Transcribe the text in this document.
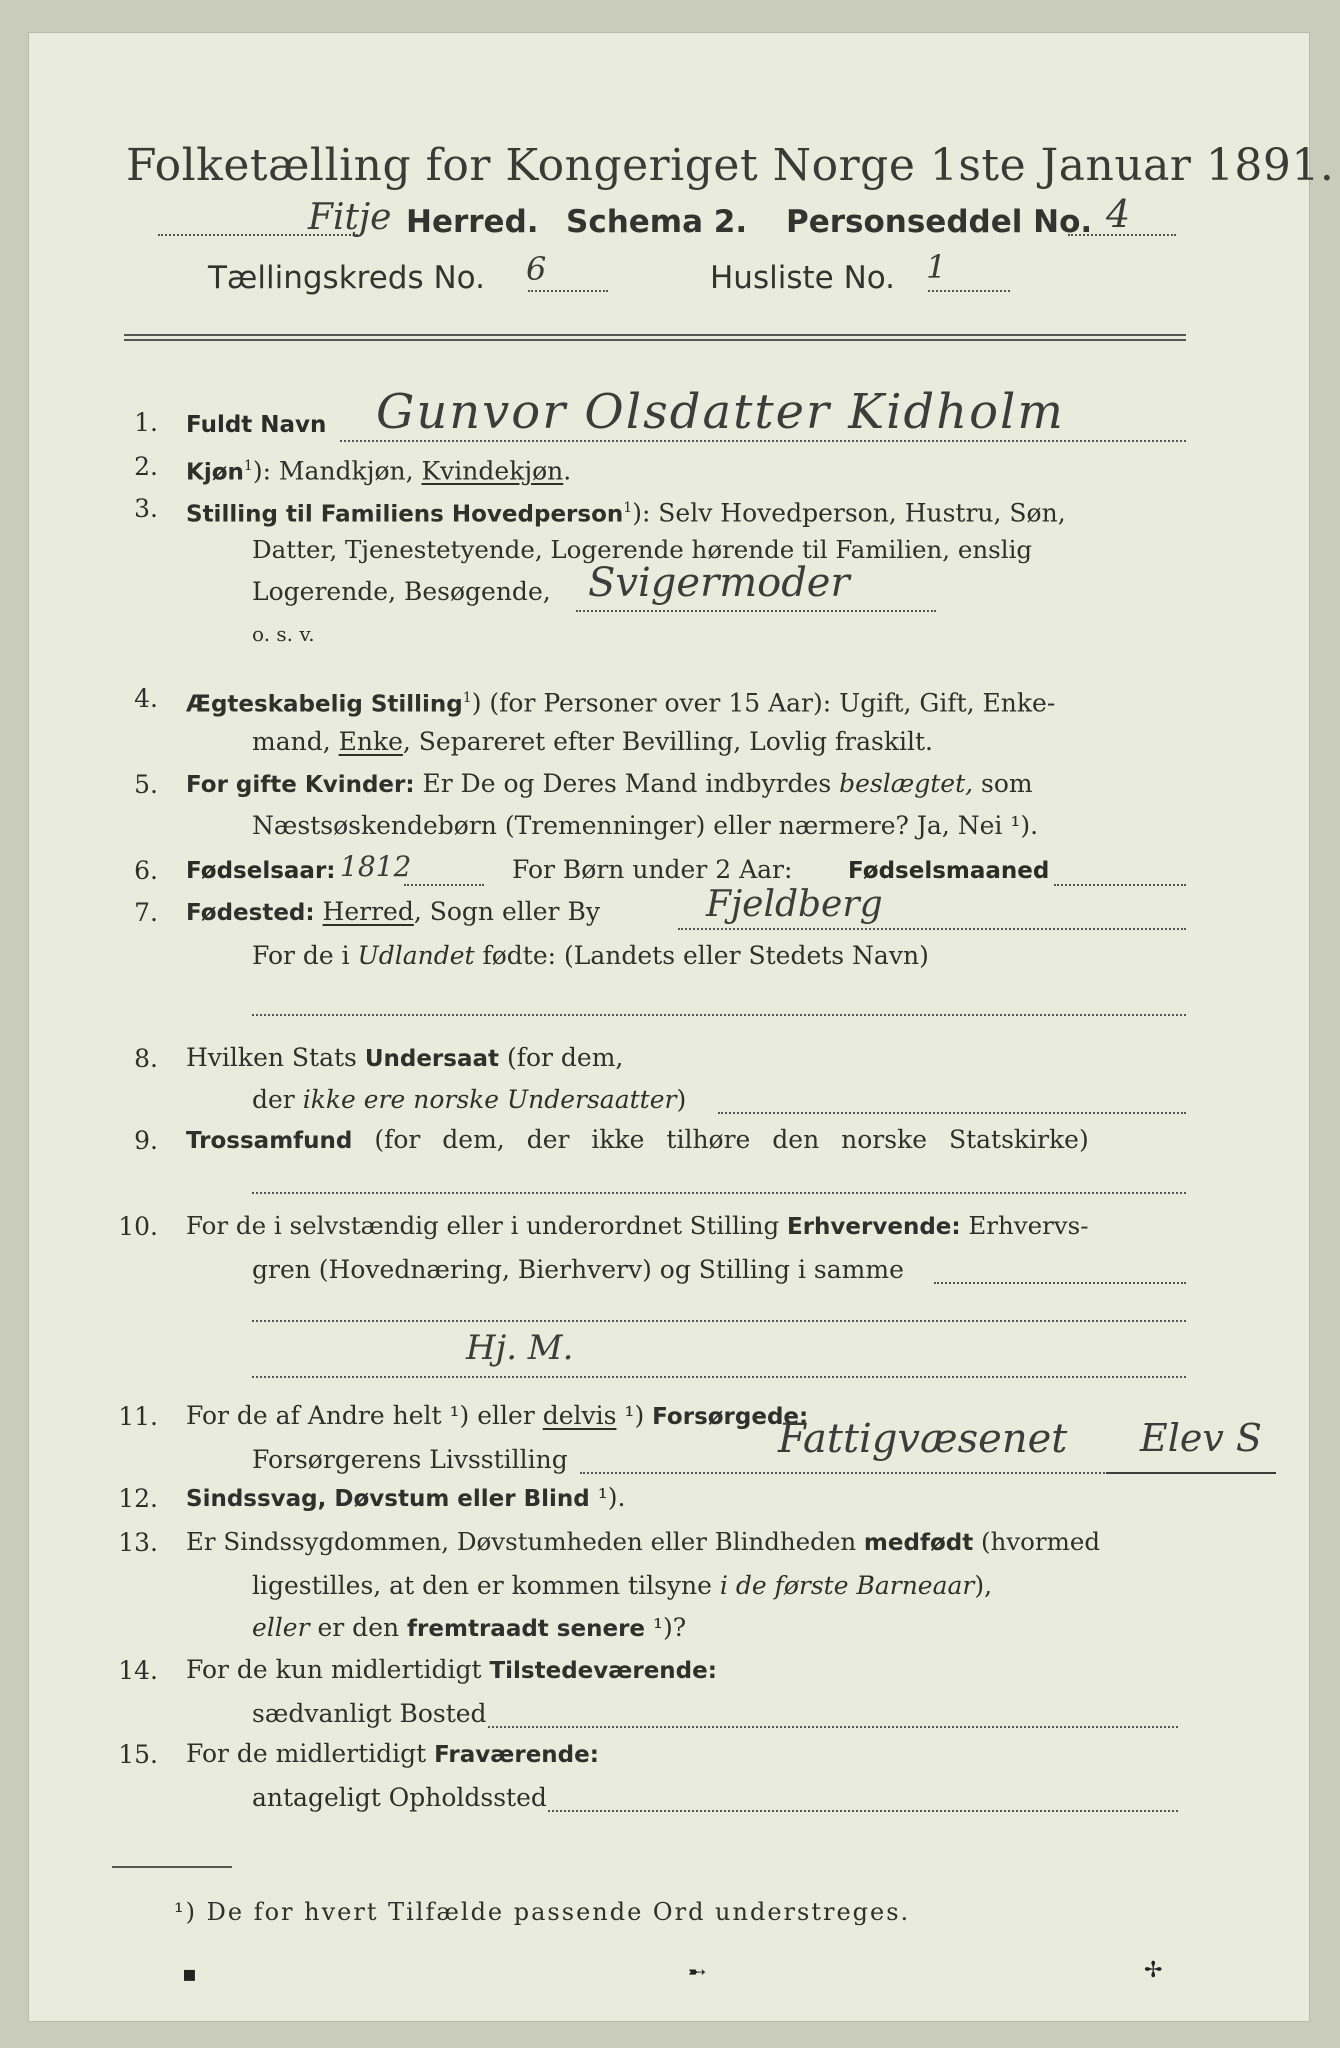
Folketælling for Kongeriget Norge 1ste Januar 1891.
Fitje Herred. Schema 2. Personseddel No. 4
Tællingskreds No. 6	Husliste No. 1
1. Fuldt Navn Gunvor Olsdatter Kidholm
2. Kjøn$^1$): Mandkjøn, Kvindekjøn.
3. Stilling til Familiens Hovedperson$^1$): Selv Hovedperson, Hustru, Søn,
Datter, Tjenestetyende, Logerende hørende til Familien, enslig
Logerende, Besøgende, Svigermoder
o. s. v.
4. Ægteskabelig Stilling$^1$) (for Personer over 15 Aar): Ugift, Gift, Enke-
mand, Enke, Separeret efter Bevilling, Lovlig fraskilt.
5. For gifte Kvinder: Er De og Deres Mand indbyrdes beslægtet, som
Næstsøskendebørn (Tremenninger) eller nærmere? Ja, Nei ¹).
6. Fødselsaar: 1812	For Børn under 2 Aar: Fødselsmaaned
7. Fødested: Herred, Sogn eller By	Fjeldberg
For de i Udlandet fødte: (Landets eller Stedets Navn)
8. Hvilken Stats Undersaat (for dem,
der ikke ere norske Undersaatter)
9. Trossamfund (for dem, der ikke tilhøre den norske Statskirke)
10. For de i selvstændig eller i underordnet Stilling Erhvervende: Erhvervs-
gren (Hovednæring, Bierhverv) og Stilling i samme
Hj. M.
11. For de af Andre helt ¹) eller delvis ¹) Forsørgede:
Forsørgerens Livsstilling	Fattigvæsenet Elev S
12. Sindssvag, Døvstum eller Blind ¹).
13. Er Sindssygdommen, Døvstumheden eller Blindheden medfødt (hvormed
ligestilles, at den er kommen tilsyne i de første Barneaar),
eller er den fremtraadt senere ¹)?
14. For de kun midlertidigt Tilstedeværende:
sædvanligt Bosted
15. For de midlertidigt Fraværende:
antageligt Opholdssted
¹) De for hvert Tilfælde passende Ord understreges.
▪	➸	✢
